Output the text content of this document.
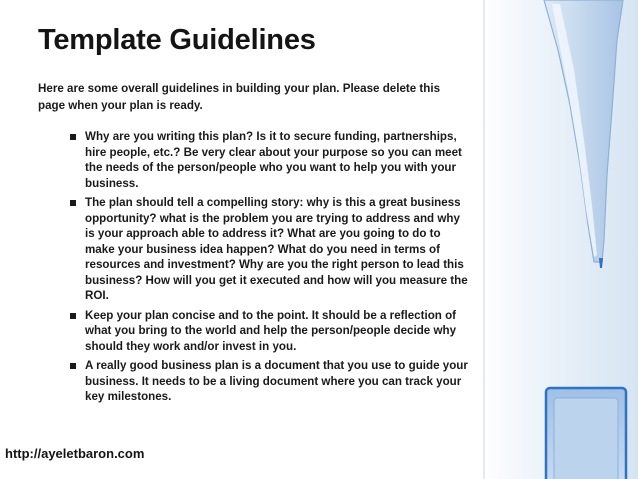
Template Guidelines
Here are some overall guidelines in building your plan. Please delete this page when your plan is ready.
Why are you writing this plan? Is it to secure funding, partnerships, hire people, etc.? Be very clear about your purpose so you can meet the needs of the person/people who you want to help you with your business.
The plan should tell a compelling story: why is this a great business opportunity? what is the problem you are trying to address and why is your approach able to address it? What are you going to do to make your business idea happen? What do you need in terms of resources and investment? Why are you the right person to lead this business? How will you get it executed and how will you measure the ROI.
Keep your plan concise and to the point. It should be a reflection of what you bring to the world and help the person/people decide why should they work and/or invest in you.
A really good business plan is a document that you use to guide your business. It needs to be a living document where you can track your key milestones.
http://ayeletbaron.com
